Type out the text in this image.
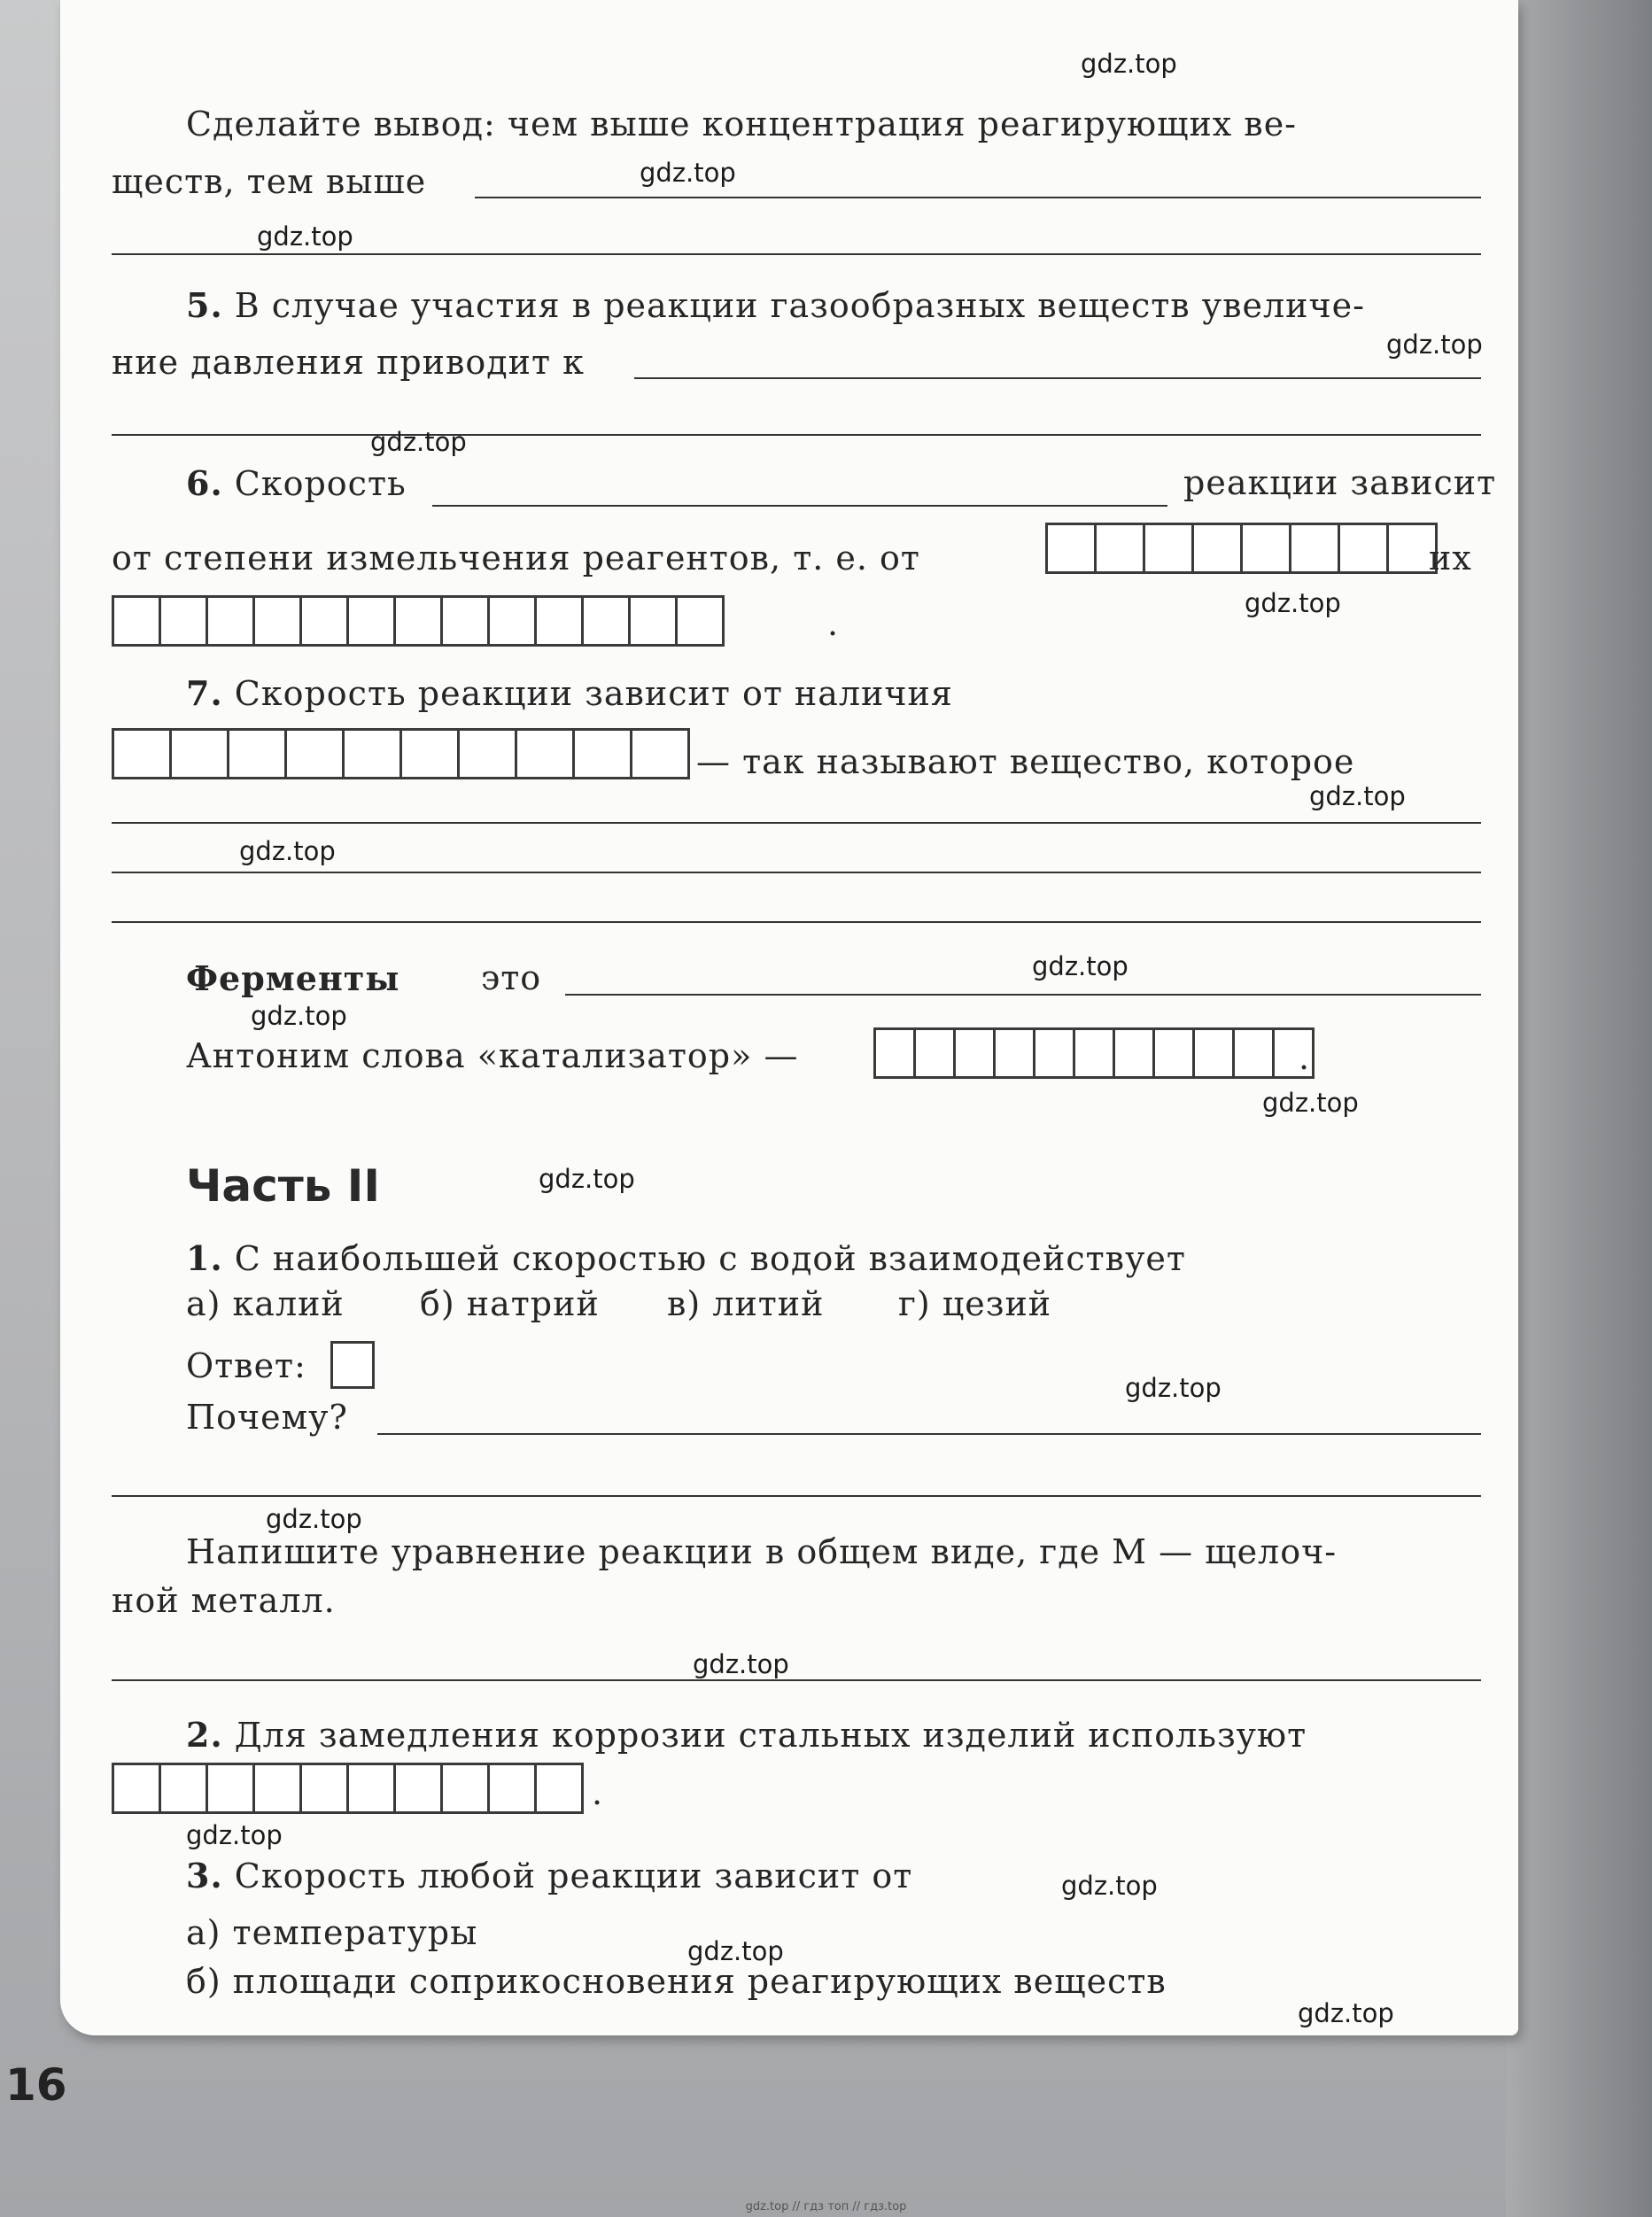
Сделайте вывод: чем выше концентрация реагирующих ве-
ществ, тем выше
5. В случае участия в реакции газообразных веществ увеличе-
ние давления приводит к
6. Скорость	реакции зависит
от степени измельчения реагентов, т. е. от	их
.
7. Скорость реакции зависит от наличия
— так называют вещество, которое
Ферменты это
Антоним слова «катализатор» —	.
Часть II
1. С наибольшей скоростью с водой взаимодействует
а) калий б) натрий в) литий г) цезий
Ответ:
Почему?
Напишите уравнение реакции в общем виде, где М — щелоч-
ной металл.
2. Для замедления коррозии стальных изделий используют
.
3. Скорость любой реакции зависит от
а) температуры
б) площади соприкосновения реагирующих веществ
16
gdz.top
gdz.top
gdz.top
gdz.top
gdz.top
gdz.top
gdz.top
gdz.top
gdz.top
gdz.top
gdz.top
gdz.top
gdz.top
gdz.top
gdz.top
gdz.top
gdz.top
gdz.top
gdz.top
gdz.top // гдз топ // гдз.top
